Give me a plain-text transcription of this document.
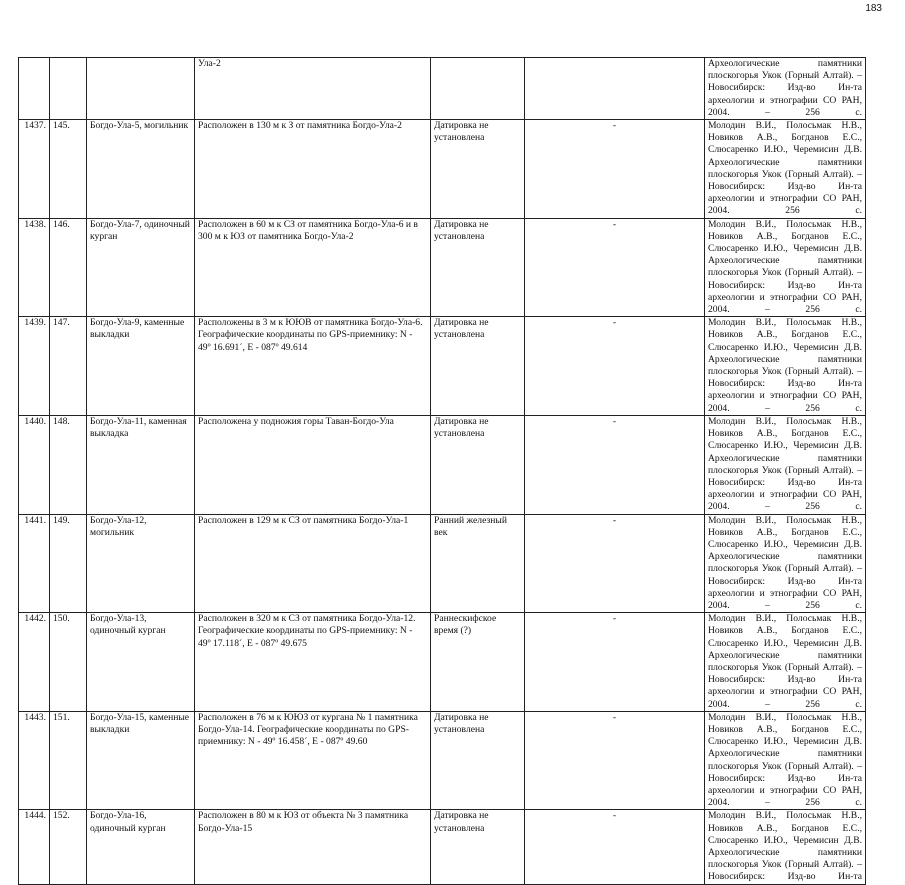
183
			Ула-2			Археологические памятники плоскогорья Укок (Горный Алтай). – Новосибирск: Изд-во Ин-та археологии и этнографии СО РАН, 2004. – 256 с.
1437.	145.	Богдо-Ула-5, могильник	Расположен в 130 м к З от памятника Богдо-Ула-2	Датировка не установлена	-	Молодин В.И., Полосьмак Н.В., Новиков А.В., Богданов Е.С., Слюсаренко И.Ю., Черемисин Д.В. Археологические памятники плоскогорья Укок (Горный Алтай). – Новосибирск: Изд-во Ин-та археологии и этнографии СО РАН, 2004. 256 с.
1438.	146.	Богдо-Ула-7, одиночный курган	Расположен в 60 м к СЗ от памятника Богдо-Ула-6 и в 300 м к ЮЗ от памятника Богдо-Ула-2	Датировка не установлена	-	Молодин В.И., Полосьмак Н.В., Новиков А.В., Богданов Е.С., Слюсаренко И.Ю., Черемисин Д.В. Археологические памятники плоскогорья Укок (Горный Алтай). – Новосибирск: Изд-во Ин-та археологии и этнографии СО РАН, 2004. – 256 с.
1439.	147.	Богдо-Ула-9, каменные выкладки	Расположены в 3 м к ЮЮВ от памятника Богдо-Ула-6. Географические координаты по GPS-приемнику: N - 49º 16.691´, E - 087º 49.614	Датировка не установлена	-	Молодин В.И., Полосьмак Н.В., Новиков А.В., Богданов Е.С., Слюсаренко И.Ю., Черемисин Д.В. Археологические памятники плоскогорья Укок (Горный Алтай). – Новосибирск: Изд-во Ин-та археологии и этнографии СО РАН, 2004. – 256 с.
1440.	148.	Богдо-Ула-11, каменная выкладка	Расположена у подножия горы Таван-Богдо-Ула	Датировка не установлена	-	Молодин В.И., Полосьмак Н.В., Новиков А.В., Богданов Е.С., Слюсаренко И.Ю., Черемисин Д.В. Археологические памятники плоскогорья Укок (Горный Алтай). – Новосибирск: Изд-во Ин-та археологии и этнографии СО РАН, 2004. – 256 с.
1441.	149.	Богдо-Ула-12, могильник	Расположен в 129 м к СЗ от памятника Богдо-Ула-1	Ранний железный век	-	Молодин В.И., Полосьмак Н.В., Новиков А.В., Богданов Е.С., Слюсаренко И.Ю., Черемисин Д.В. Археологические памятники плоскогорья Укок (Горный Алтай). – Новосибирск: Изд-во Ин-та археологии и этнографии СО РАН, 2004. – 256 с.
1442.	150.	Богдо-Ула-13, одиночный курган	Расположен в 320 м к СЗ от памятника Богдо-Ула-12. Географические координаты по GPS-приемнику: N - 49º 17.118´, E - 087º 49.675	Раннескифское время (?)	-	Молодин В.И., Полосьмак Н.В., Новиков А.В., Богданов Е.С., Слюсаренко И.Ю., Черемисин Д.В. Археологические памятники плоскогорья Укок (Горный Алтай). – Новосибирск: Изд-во Ин-та археологии и этнографии СО РАН, 2004. – 256 с.
1443.	151.	Богдо-Ула-15, каменные выкладки	Расположен в 76 м к ЮЮЗ от кургана № 1 памятника Богдо-Ула-14. Географические координаты по GPS-приемнику: N - 49º 16.458´, E - 087º 49.60	Датировка не установлена	-	Молодин В.И., Полосьмак Н.В., Новиков А.В., Богданов Е.С., Слюсаренко И.Ю., Черемисин Д.В. Археологические памятники плоскогорья Укок (Горный Алтай). – Новосибирск: Изд-во Ин-та археологии и этнографии СО РАН, 2004. – 256 с.
1444.	152.	Богдо-Ула-16, одиночный курган	Расположен в 80 м к ЮЗ от объекта № 3 памятника Богдо-Ула-15	Датировка не установлена	-	Молодин В.И., Полосьмак Н.В., Новиков А.В., Богданов Е.С., Слюсаренко И.Ю., Черемисин Д.В. Археологические памятники плоскогорья Укок (Горный Алтай). – Новосибирск: Изд-во Ин-та
